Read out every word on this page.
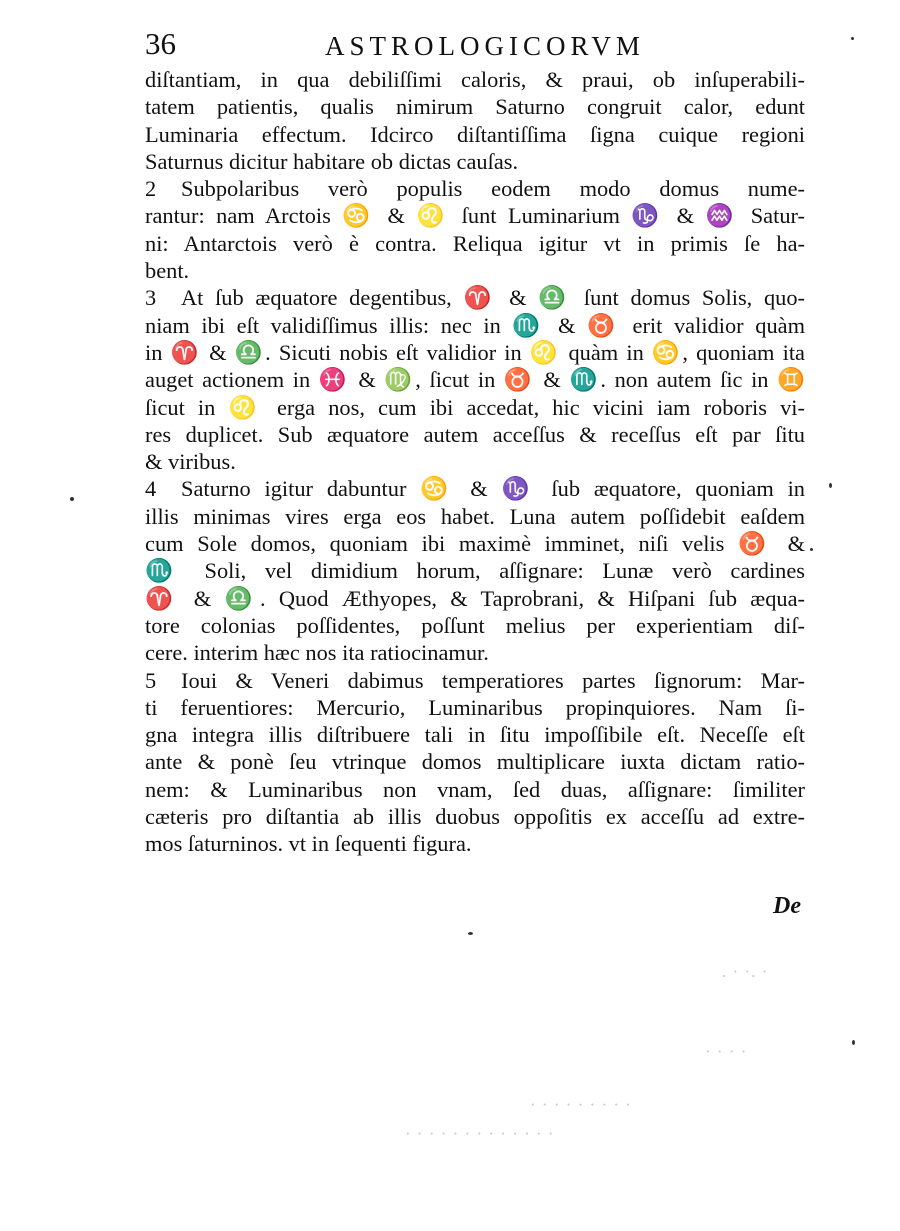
36	ASTROLOGICORVM
diſtantiam, in qua debiliſſimi caloris, & praui, ob inſuperabili-
tatem patientis, qualis nimirum Saturno congruit calor, edunt
Luminaria effectum. Idcirco diſtantiſſima ſigna cuique regioni
Saturnus dicitur habitare ob dictas cauſas.
2 Subpolaribus verò populis eodem modo domus nume-
rantur: nam Arctois ♋ & ♌ ſunt Luminarium ♑ & ♒ Satur-
ni: Antarctois verò è contra. Reliqua igitur vt in primis ſe ha-
bent.
3 At ſub æquatore degentibus, ♈ & ♎ ſunt domus Solis, quo-
niam ibi eſt validiſſimus illis: nec in ♏ & ♉ erit validior quàm
in ♈ & ♎. Sicuti nobis eſt validior in ♌ quàm in ♋, quoniam ita
auget actionem in ♓ & ♍, ſicut in ♉ & ♏. non autem ſic in ♊
ſicut in ♌ erga nos, cum ibi accedat, hic vicini iam roboris vi-
res duplicet. Sub æquatore autem acceſſus & receſſus eſt par ſitu
& viribus.
4 Saturno igitur dabuntur ♋ & ♑ ſub æquatore, quoniam in
illis minimas vires erga eos habet. Luna autem poſſidebit eaſdem
cum Sole domos, quoniam ibi maximè imminet, niſi velis ♉ &
♏ Soli, vel dimidium horum, aſſignare: Lunæ verò cardines
♈ & ♎. Quod Æthyopes, & Taprobrani, & Hiſpani ſub æqua-
tore colonias poſſidentes, poſſunt melius per experientiam diſ-
cere. interim hæc nos ita ratiocinamur.
5 Ioui & Veneri dabimus temperatiores partes ſignorum: Mar-
ti feruentiores: Mercurio, Luminaribus propinquiores. Nam ſi-
gna integra illis diſtribuere tali in ſitu impoſſibile eſt. Neceſſe eſt
ante & ponè ſeu vtrinque domos multiplicare iuxta dictam ratio-
nem: & Luminaribus non vnam, ſed duas, aſſignare: ſimiliter
cæteris pro diſtantia ab illis duobus oppoſitis ex acceſſu ad extre-
mos ſaturninos. vt in ſequenti figura.
De
. · ·. ·
· · · ·
· · · · · · · · ·
· · · · · · · · · · · · ·
